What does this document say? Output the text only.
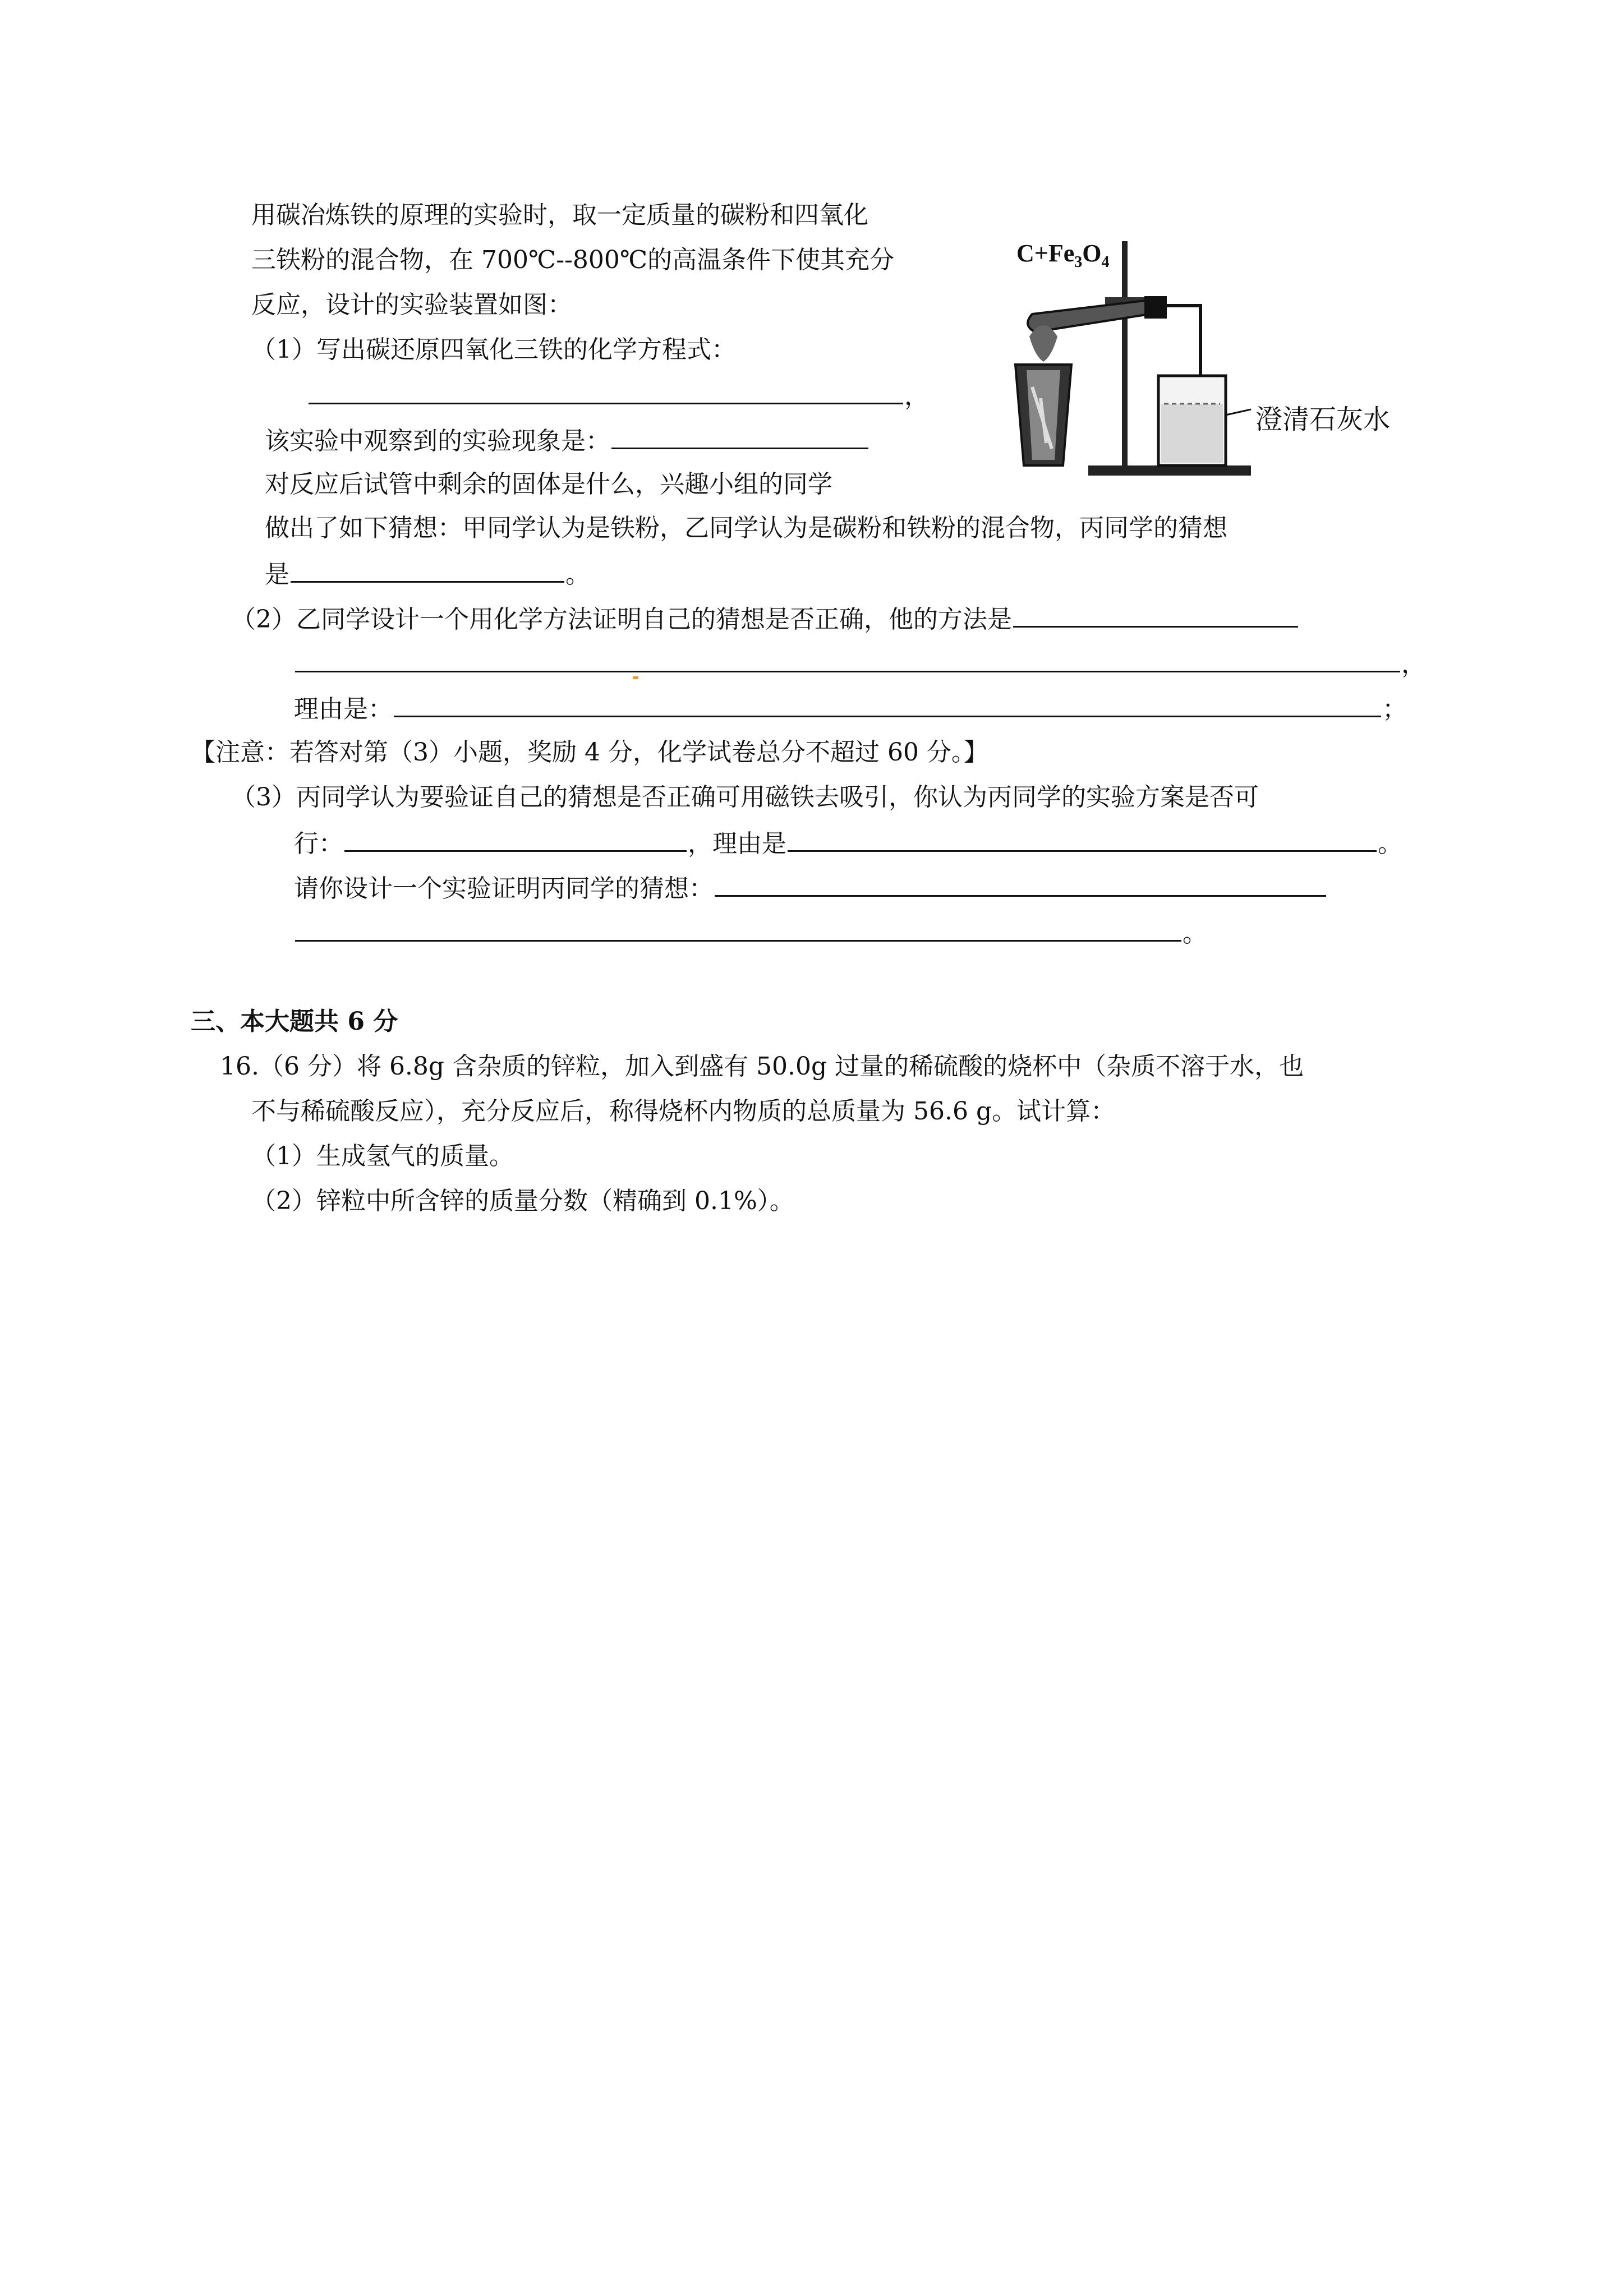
用碳冶炼铁的原理的实验时，取一定质量的碳粉和四氧化
三铁粉的混合物，在 700℃--800℃的高温条件下使其充分
反应，设计的实验装置如图：
（1）写出碳还原四氧化三铁的化学方程式：
，
该实验中观察到的实验现象是：
对反应后试管中剩余的固体是什么，兴趣小组的同学
做出了如下猜想：甲同学认为是铁粉，乙同学认为是碳粉和铁粉的混合物，丙同学的猜想
是	。
$C+Fe_3O_4$
澄清石灰水
（2）乙同学设计一个用化学方法证明自己的猜想是否正确，他的方法是
，
理由是：	；
【注意：若答对第（3）小题，奖励 4 分，化学试卷总分不超过 60 分。】
（3）丙同学认为要验证自己的猜想是否正确可用磁铁去吸引，你认为丙同学的实验方案是否可
行：	，理由是	。
请你设计一个实验证明丙同学的猜想：
。
三、本大题共 6 分
16.（6 分）将 6.8g 含杂质的锌粒，加入到盛有 50.0g 过量的稀硫酸的烧杯中（杂质不溶于水，也
不与稀硫酸反应），充分反应后，称得烧杯内物质的总质量为 56.6 g。试计算：
（1）生成氢气的质量。
（2）锌粒中所含锌的质量分数（精确到 0.1%）。
